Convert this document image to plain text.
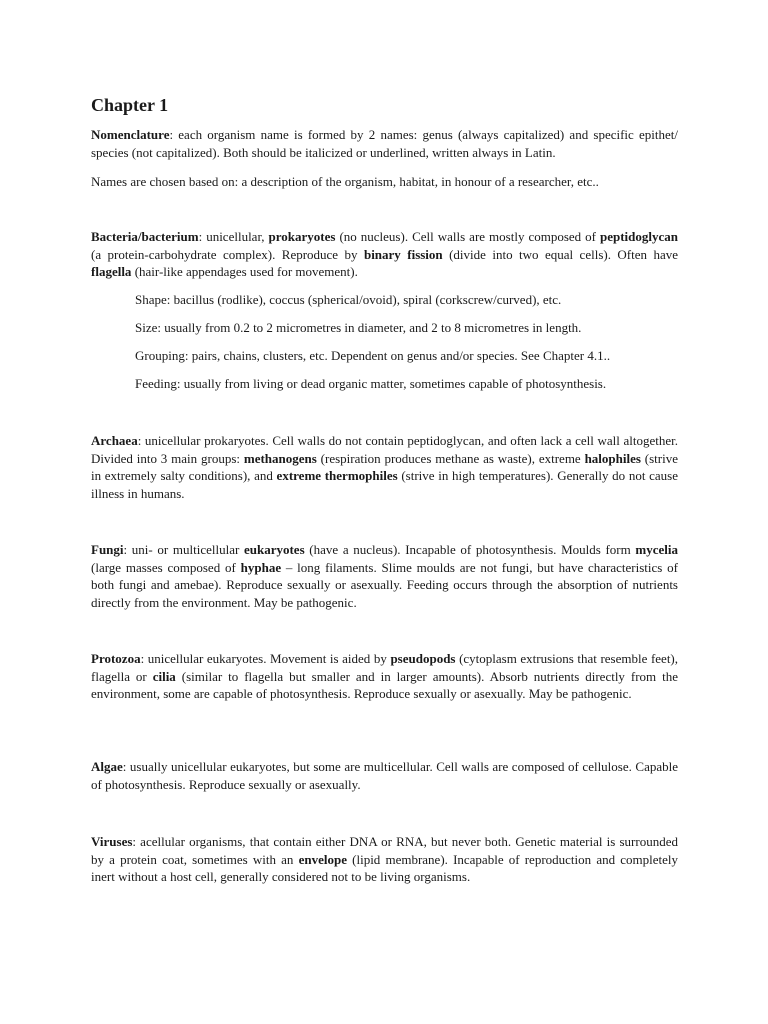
Chapter 1

Nomenclature: each organism name is formed by 2 names: genus (always capitalized) and specific epithet/ species (not capitalized). Both should be italicized or underlined, written always in Latin.

Names are chosen based on: a description of the organism, habitat, in honour of a researcher, etc..

Bacteria/bacterium: unicellular, prokaryotes (no nucleus). Cell walls are mostly composed of peptidoglycan (a protein-carbohydrate complex). Reproduce by binary fission (divide into two equal cells). Often have flagella (hair-like appendages used for movement).

Shape: bacillus (rodlike), coccus (spherical/ovoid), spiral (corkscrew/curved), etc.

Size: usually from 0.2 to 2 micrometres in diameter, and 2 to 8 micrometres in length.

Grouping: pairs, chains, clusters, etc. Dependent on genus and/or species. See Chapter 4.1..

Feeding: usually from living or dead organic matter, sometimes capable of photosynthesis.

Archaea: unicellular prokaryotes. Cell walls do not contain peptidoglycan, and often lack a cell wall altogether. Divided into 3 main groups: methanogens (respiration produces methane as waste), extreme halophiles (strive in extremely salty conditions), and extreme thermophiles (strive in high temperatures). Generally do not cause illness in humans.

Fungi: uni- or multicellular eukaryotes (have a nucleus). Incapable of photosynthesis. Moulds form mycelia (large masses composed of hyphae – long filaments. Slime moulds are not fungi, but have characteristics of both fungi and amebae). Reproduce sexually or asexually. Feeding occurs through the absorption of nutrients directly from the environment. May be pathogenic.

Protozoa: unicellular eukaryotes. Movement is aided by pseudopods (cytoplasm extrusions that resemble feet), flagella or cilia (similar to flagella but smaller and in larger amounts). Absorb nutrients directly from the environment, some are capable of photosynthesis. Reproduce sexually or asexually. May be pathogenic.

Algae: usually unicellular eukaryotes, but some are multicellular. Cell walls are composed of cellulose. Capable of photosynthesis. Reproduce sexually or asexually.

Viruses: acellular organisms, that contain either DNA or RNA, but never both. Genetic material is surrounded by a protein coat, sometimes with an envelope (lipid membrane). Incapable of reproduction and completely inert without a host cell, generally considered not to be living organisms.
